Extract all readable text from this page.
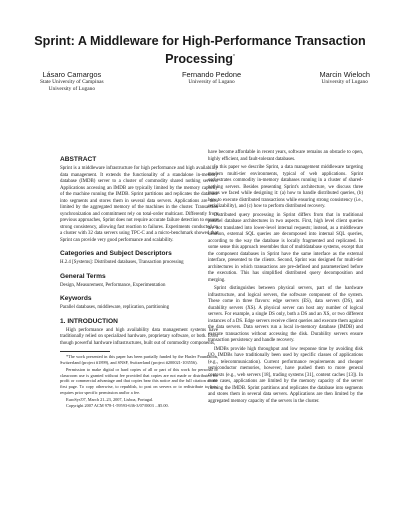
Sprint: A Middleware for High-Performance Transaction Processing*
Lásaro Camargos
State University of Campinas
University of Lugano
Fernando Pedone
University of Lugano
Marcin Wieloch
University of Lugano
ABSTRACT

Sprint is a middleware infrastructure for high performance and high availability data management. It extends the functionality of a standalone in-memory database (IMDB) server to a cluster of commodity shared nothing servers. Applications accessing an IMDB are typically limited by the memory capacity of the machine running the IMDB. Sprint partitions and replicates the database into segments and stores them in several data servers. Applications are then limited by the aggregated memory of the machines in the cluster. Transaction synchronization and commitment rely on total-order multicast. Differently from previous approaches, Sprint does not require accurate failure detection to ensure strong consistency, allowing fast reaction to failures. Experiments conducted on a cluster with 32 data servers using TPC-C and a micro-benchmark showed that Sprint can provide very good performance and scalability.

Categories and Subject Descriptors

H.2.4 [Systems]: Distributed databases, Transaction processing

General Terms

Design, Measurement, Performance, Experimentation

Keywords

Parallel databases, middleware, replication, partitioning

1. INTRODUCTION

High performance and high availability data management systems have traditionally relied on specialized hardware, proprietary software, or both. Even though powerful hardware infrastructures, built out of commodity components,

*The work presented in this paper has been partially funded by the Hasler Foundation, Switzerland (project #1899), and SNSF, Switzerland (project #200021-103556).

Permission to make digital or hard copies of all or part of this work for personal or classroom use is granted without fee provided that copies are not made or distributed for profit or commercial advantage and that copies bear this notice and the full citation on the first page. To copy otherwise, to republish, to post on servers or to redistribute to lists, requires prior specific permission and/or a fee.

EuroSys'07, March 21–23, 2007, Lisboa, Portugal.

Copyright 2007 ACM 978-1-59593-636-3/07/0003 ...$5.00.

have become affordable in recent years, software remains an obstacle to open, highly efficient, and fault-tolerant databases.

In this paper we describe Sprint, a data management middleware targeting modern multi-tier environments, typical of web applications. Sprint orchestrates commodity in-memory databases running in a cluster of shared-nothing servers. Besides presenting Sprint's architecture, we discuss three issues we faced while designing it: (a) how to handle distributed queries, (b) how to execute distributed transactions while ensuring strong consistency (i.e., serializability), and (c) how to perform distributed recovery.

Distributed query processing in Sprint differs from that in traditional parallel database architectures in two aspects. First, high level client queries are not translated into lower-level internal requests; instead, as a middleware solution, external SQL queries are decomposed into internal SQL queries, according to the way the database is locally fragmented and replicated. In some sense this approach resembles that of multidatabase systems, except that the component databases in Sprint have the same interface as the external interface, presented to the clients. Second, Sprint was designed for multi-tier architectures in which transactions are pre-defined and parameterized before the execution. This has simplified distributed query decomposition and merging.

Sprint distinguishes between physical servers, part of the hardware infrastructure, and logical servers, the software component of the system. These come in three flavors: edge servers (ES), data servers (DS), and durability servers (XS). A physical server can host any number of logical servers. For example, a single DS only, both a DS and an XS, or two different instances of a DS. Edge servers receive client queries and execute them against the data servers. Data servers run a local in-memory database (IMDB) and execute transactions without accessing the disk. Durability servers ensure transaction persistency and handle recovery.

IMDBs provide high throughput and low response time by avoiding disk I/O. IMDBs have traditionally been used by specific classes of applications (e.g., telecommunication). Current performance requirements and cheaper semiconductor memories, however, have pushed them to more general contexts (e.g., web servers [18], trading systems [31], content caches [13]). In most cases, applications are limited by the memory capacity of the server running the IMDB. Sprint partitions and replicates the database into segments and stores them in several data servers. Applications are then limited by the aggregated memory capacity of the servers in the cluster.
